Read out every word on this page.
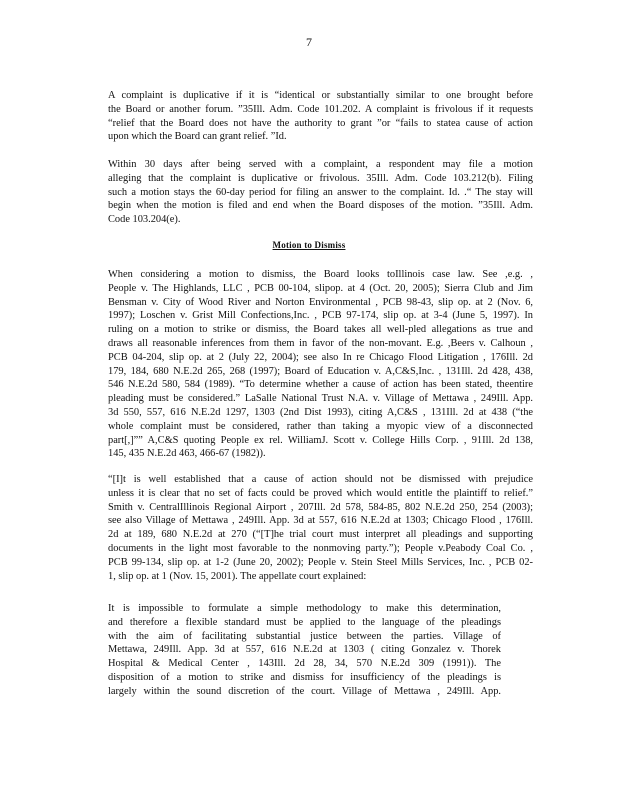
7

A complaint is duplicative if it is “identical or substantially similar to one brought before
the Board or another forum. ”35Ill. Adm. Code 101.202. A complaint is frivolous if it requests
“relief that the Board does not have the authority to grant ”or “fails to statea cause of action
upon which the Board can grant relief. ”Id.

Within 30 days after being served with a complaint, a respondent may file a motion
alleging that the complaint is duplicative or frivolous. 35Ill. Adm. Code 103.212(b). Filing
such a motion stays the 60-day period for filing an answer to the complaint. Id. .“ The stay will
begin when the motion is filed and end when the Board disposes of the motion. ”35Ill. Adm.
Code 103.204(e).

Motion to Dismiss

When considering a motion to dismiss, the Board looks toIllinois case law. See ,e.g. ,
People v. The Highlands, LLC , PCB 00-104, slipop. at 4 (Oct. 20, 2005); Sierra Club and Jim
Bensman v. City of Wood River and Norton Environmental , PCB 98-43, slip op. at 2 (Nov. 6,
1997); Loschen v. Grist Mill Confections,Inc. , PCB 97-174, slip op. at 3-4 (June 5, 1997). In
ruling on a motion to strike or dismiss, the Board takes all well-pled allegations as true and
draws all reasonable inferences from them in favor of the non-movant. E.g. ,Beers v. Calhoun ,
PCB 04-204, slip op. at 2 (July 22, 2004); see also In re Chicago Flood Litigation , 176Ill. 2d
179, 184, 680 N.E.2d 265, 268 (1997); Board of Education v. A,C&S,Inc. , 131Ill. 2d 428, 438,
546 N.E.2d 580, 584 (1989). “To determine whether a cause of action has been stated, theentire
pleading must be considered.” LaSalle National Trust N.A. v. Village of Mettawa , 249Ill. App.
3d 550, 557, 616 N.E.2d 1297, 1303 (2nd Dist 1993), citing A,C&S , 131Ill. 2d at 438 (“the
whole complaint must be considered, rather than taking a myopic view of a disconnected
part[,]”” A,C&S quoting People ex rel. WilliamJ. Scott v. College Hills Corp. , 91Ill. 2d 138,
145, 435 N.E.2d 463, 466-67 (1982)).

“[I]t is well established that a cause of action should not be dismissed with prejudice
unless it is clear that no set of facts could be proved which would entitle the plaintiff to relief.”
Smith v. CentralIllinois Regional Airport , 207Ill. 2d 578, 584-85, 802 N.E.2d 250, 254 (2003);
see also Village of Mettawa , 249Ill. App. 3d at 557, 616 N.E.2d at 1303; Chicago Flood , 176Ill.
2d at 189, 680 N.E.2d at 270 (“[T]he trial court must interpret all pleadings and supporting
documents in the light most favorable to the nonmoving party.”); People v.Peabody Coal Co. ,
PCB 99-134, slip op. at 1-2 (June 20, 2002); People v. Stein Steel Mills Services, Inc. , PCB 02-
1, slip op. at 1 (Nov. 15, 2001). The appellate court explained:

It is impossible to formulate a simple methodology to make this determination,
and therefore a flexible standard must be applied to the language of the pleadings
with the aim of facilitating substantial justice between the parties. Village of
Mettawa, 249Ill. App. 3d at 557, 616 N.E.2d at 1303 ( citing Gonzalez v. Thorek
Hospital & Medical Center , 143Ill. 2d 28, 34, 570 N.E.2d 309 (1991)). The
disposition of a motion to strike and dismiss for insufficiency of the pleadings is
largely within the sound discretion of the court. Village of Mettawa , 249Ill. App.
